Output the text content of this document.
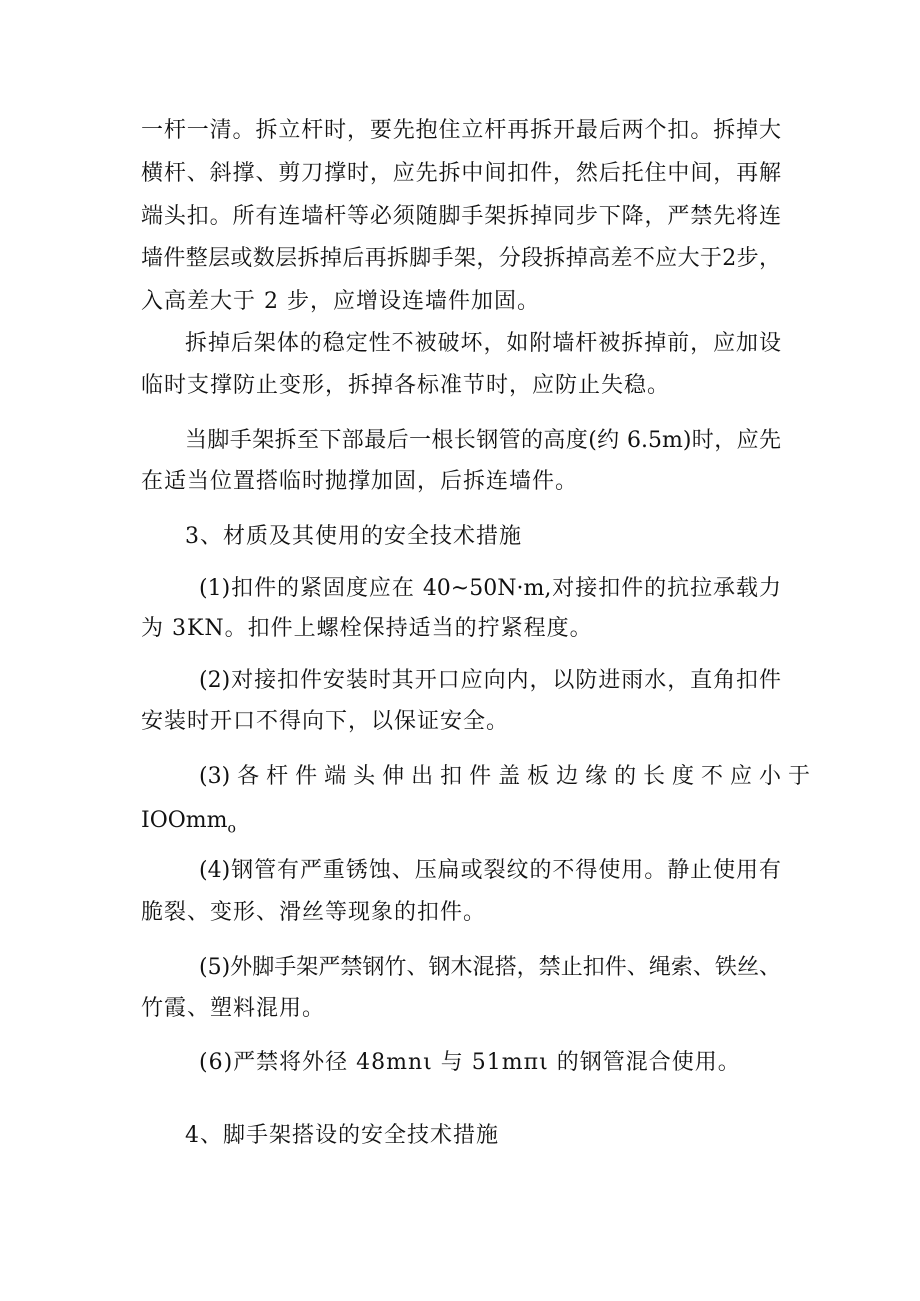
一杆一清。拆立杆时，要先抱住立杆再拆开最后两个扣。拆掉大
横杆、斜撑、剪刀撑时，应先拆中间扣件，然后托住中间，再解
端头扣。所有连墙杆等必须随脚手架拆掉同步下降，严禁先将连
墙件整层或数层拆掉后再拆脚手架，分段拆掉高差不应大于2步，
入高差大于 2 步，应增设连墙件加固。
拆掉后架体的稳定性不被破坏，如附墙杆被拆掉前，应加设
临时支撑防止变形，拆掉各标准节时，应防止失稳。
当脚手架拆至下部最后一根长钢管的高度(约 6.5m)时，应先
在适当位置搭临时抛撑加固，后拆连墙件。
3、材质及其使用的安全技术措施
(1)扣件的紧固度应在 40~50N·m,对接扣件的抗拉承载力
为 3KN。扣件上螺栓保持适当的拧紧程度。
(2)对接扣件安装时其开口应向内，以防进雨水，直角扣件
安装时开口不得向下，以保证安全。
(3) 各 杆 件 端 头 伸 出 扣 件 盖 板 边 缘 的 长 度 不 应 小 于
IOOmm$_o$
(4)钢管有严重锈蚀、压扁或裂纹的不得使用。静止使用有
脆裂、变形、滑丝等现象的扣件。
(5)外脚手架严禁钢竹、钢木混搭，禁止扣件、绳索、铁丝、
竹霞、塑料混用。
(6)严禁将外径 48mnι 与 51mπι 的钢管混合使用。
4、脚手架搭设的安全技术措施
